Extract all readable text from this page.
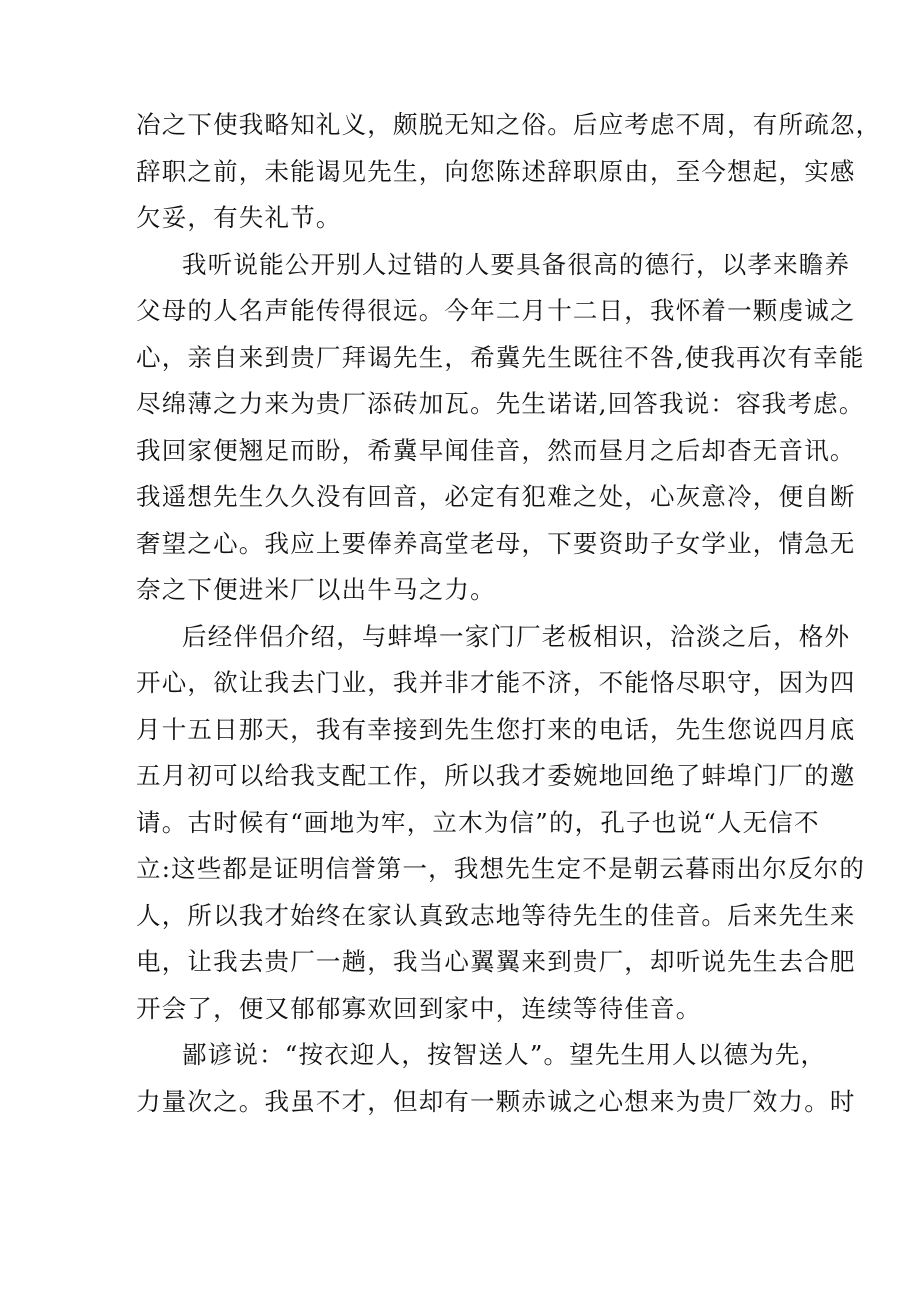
冶之下使我略知礼义，颇脱无知之俗。后应考虑不周，有所疏忽，
辞职之前，未能谒见先生，向您陈述辞职原由，至今想起，实感
欠妥，有失礼节。
我听说能公开别人过错的人要具备很高的德行，以孝来瞻养
父母的人名声能传得很远。今年二月十二日，我怀着一颗虔诚之
心，亲自来到贵厂拜谒先生，希冀先生既往不咎,使我再次有幸能
尽绵薄之力来为贵厂添砖加瓦。先生诺诺,回答我说：容我考虑。
我回家便翘足而盼，希冀早闻佳音，然而昼月之后却杳无音讯。
我遥想先生久久没有回音，必定有犯难之处，心灰意冷，便自断
奢望之心。我应上要俸养高堂老母，下要资助子女学业，情急无
奈之下便进米厂以出牛马之力。
后经伴侣介绍，与蚌埠一家门厂老板相识，洽淡之后，格外
开心，欲让我去门业，我并非才能不济，不能恪尽职守，因为四
月十五日那天，我有幸接到先生您打来的电话，先生您说四月底
五月初可以给我支配工作，所以我才委婉地回绝了蚌埠门厂的邀
请。古时候有“画地为牢，立木为信”的，孔子也说“人无信不
立:这些都是证明信誉第一，我想先生定不是朝云暮雨出尔反尔的
人，所以我才始终在家认真致志地等待先生的佳音。后来先生来
电，让我去贵厂一趟，我当心翼翼来到贵厂，却听说先生去合肥
开会了，便又郁郁寡欢回到家中，连续等待佳音。
鄙谚说：“按衣迎人，按智送人”。望先生用人以德为先，
力量次之。我虽不才，但却有一颗赤诚之心想来为贵厂效力。时
